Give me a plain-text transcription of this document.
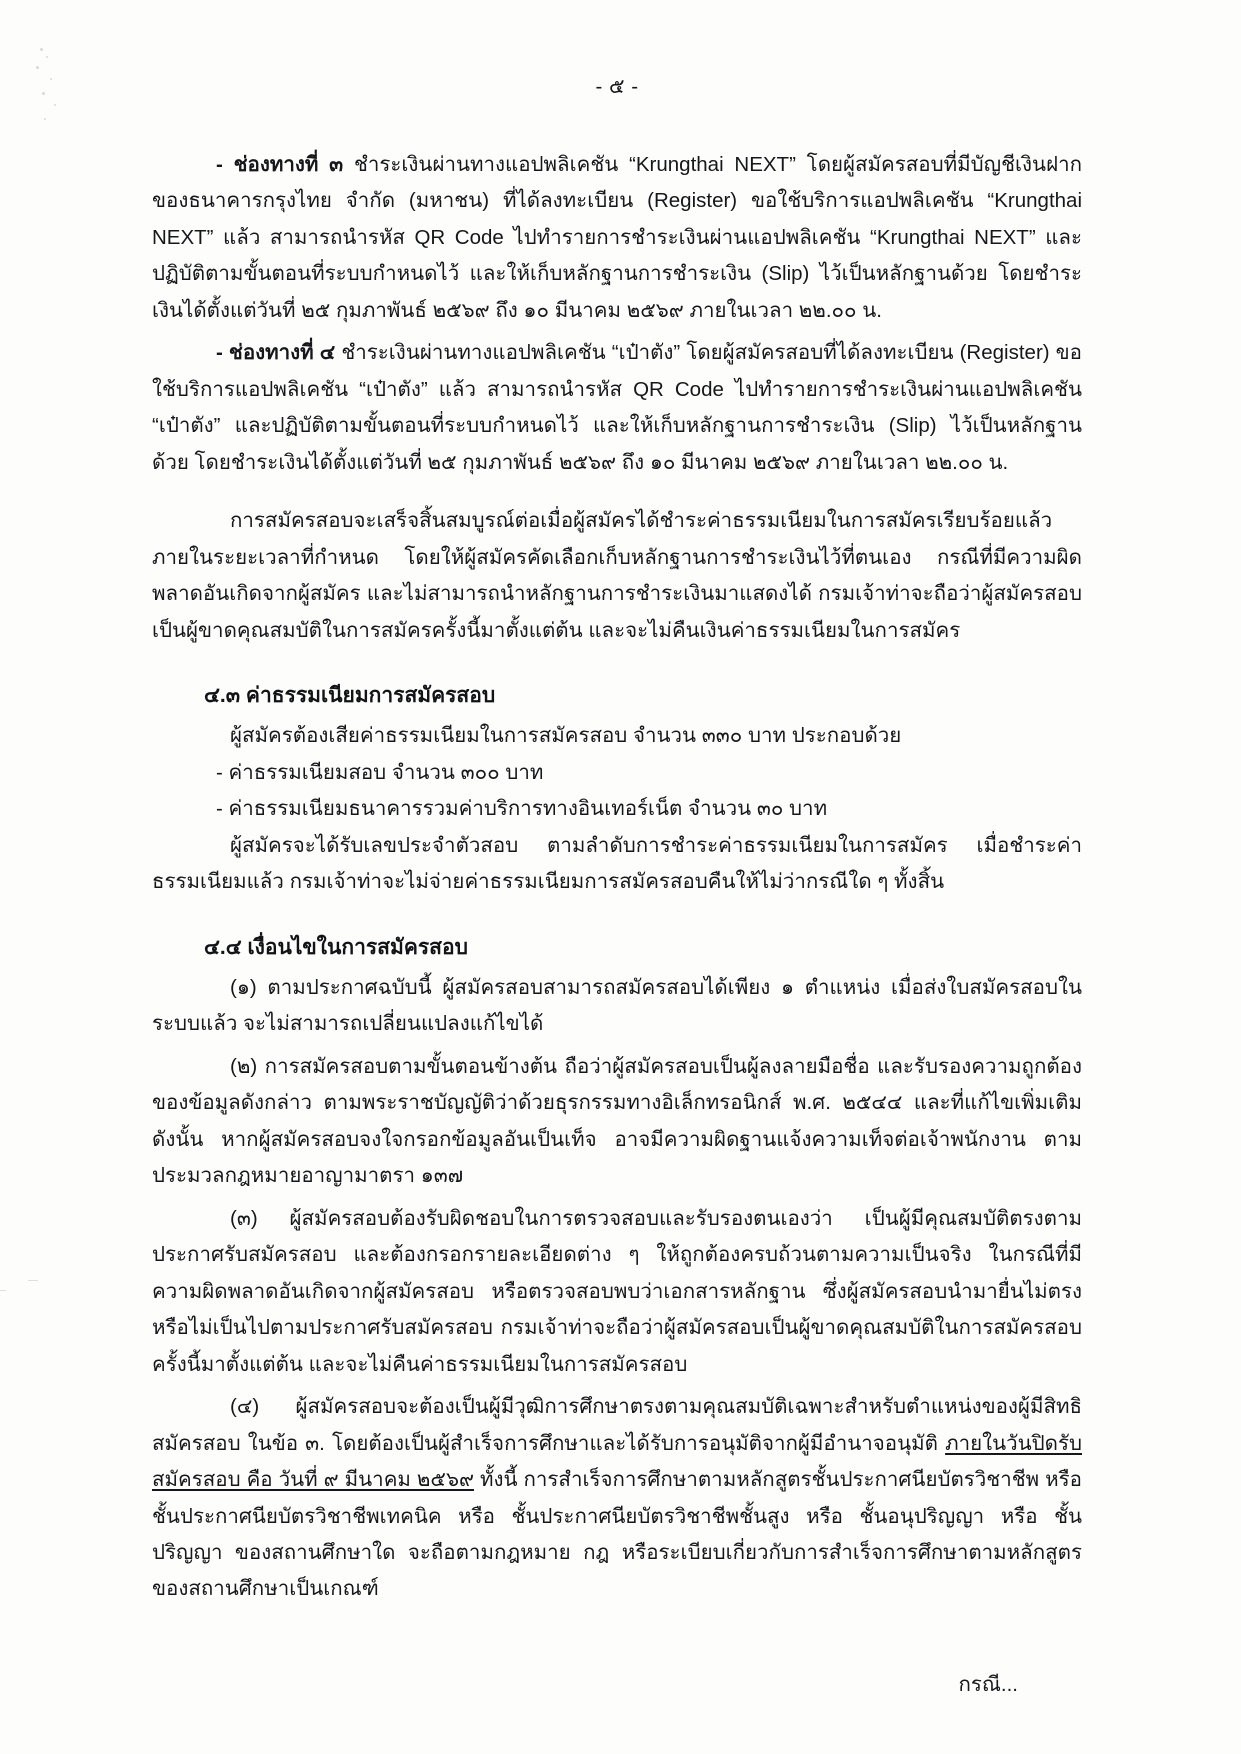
- ๕ -

- ช่องทางที่ ๓ ชำระเงินผ่านทางแอปพลิเคชัน “Krungthai NEXT” โดยผู้สมัครสอบที่มีบัญชีเงินฝากของธนาคารกรุงไทย จำกัด (มหาชน) ที่ได้ลงทะเบียน (Register) ขอใช้บริการแอปพลิเคชัน “Krungthai NEXT” แล้ว สามารถนำรหัส QR Code ไปทำรายการชำระเงินผ่านแอปพลิเคชัน “Krungthai NEXT” และปฏิบัติตามขั้นตอนที่ระบบกำหนดไว้ และให้เก็บหลักฐานการชำระเงิน (Slip) ไว้เป็นหลักฐานด้วย โดยชำระเงินได้ตั้งแต่วันที่ ๒๕ กุมภาพันธ์ ๒๕๖๙ ถึง ๑๐ มีนาคม ๒๕๖๙ ภายในเวลา ๒๒.๐๐ น.

- ช่องทางที่ ๔ ชำระเงินผ่านทางแอปพลิเคชัน “เป๋าตัง” โดยผู้สมัครสอบที่ได้ลงทะเบียน (Register) ขอใช้บริการแอปพลิเคชัน “เป๋าตัง” แล้ว สามารถนำรหัส QR Code ไปทำรายการชำระเงินผ่านแอปพลิเคชัน “เป๋าตัง” และปฏิบัติตามขั้นตอนที่ระบบกำหนดไว้ และให้เก็บหลักฐานการชำระเงิน (Slip) ไว้เป็นหลักฐานด้วย โดยชำระเงินได้ตั้งแต่วันที่ ๒๕ กุมภาพันธ์ ๒๕๖๙ ถึง ๑๐ มีนาคม ๒๕๖๙ ภายในเวลา ๒๒.๐๐ น.

การสมัครสอบจะเสร็จสิ้นสมบูรณ์ต่อเมื่อผู้สมัครได้ชำระค่าธรรมเนียมในการสมัครเรียบร้อยแล้ว ภายในระยะเวลาที่กำหนด โดยให้ผู้สมัครคัดเลือกเก็บหลักฐานการชำระเงินไว้ที่ตนเอง กรณีที่มีความผิดพลาดอันเกิดจากผู้สมัคร และไม่สามารถนำหลักฐานการชำระเงินมาแสดงได้ กรมเจ้าท่าจะถือว่าผู้สมัครสอบเป็นผู้ขาดคุณสมบัติในการสมัครครั้งนี้มาตั้งแต่ต้น และจะไม่คืนเงินค่าธรรมเนียมในการสมัคร

๔.๓ ค่าธรรมเนียมการสมัครสอบ

ผู้สมัครต้องเสียค่าธรรมเนียมในการสมัครสอบ จำนวน ๓๓๐ บาท ประกอบด้วย

- ค่าธรรมเนียมสอบ จำนวน ๓๐๐ บาท

- ค่าธรรมเนียมธนาคารรวมค่าบริการทางอินเทอร์เน็ต จำนวน ๓๐ บาท

ผู้สมัครจะได้รับเลขประจำตัวสอบ ตามลำดับการชำระค่าธรรมเนียมในการสมัคร เมื่อชำระค่าธรรมเนียมแล้ว กรมเจ้าท่าจะไม่จ่ายค่าธรรมเนียมการสมัครสอบคืนให้ไม่ว่ากรณีใด ๆ ทั้งสิ้น

๔.๔ เงื่อนไขในการสมัครสอบ

(๑) ตามประกาศฉบับนี้ ผู้สมัครสอบสามารถสมัครสอบได้เพียง ๑ ตำแหน่ง เมื่อส่งใบสมัครสอบในระบบแล้ว จะไม่สามารถเปลี่ยนแปลงแก้ไขได้

(๒) การสมัครสอบตามขั้นตอนข้างต้น ถือว่าผู้สมัครสอบเป็นผู้ลงลายมือชื่อ และรับรองความถูกต้องของข้อมูลดังกล่าว ตามพระราชบัญญัติว่าด้วยธุรกรรมทางอิเล็กทรอนิกส์ พ.ศ. ๒๕๔๔ และที่แก้ไขเพิ่มเติม ดังนั้น หากผู้สมัครสอบจงใจกรอกข้อมูลอันเป็นเท็จ อาจมีความผิดฐานแจ้งความเท็จต่อเจ้าพนักงาน ตามประมวลกฎหมายอาญามาตรา ๑๓๗

(๓) ผู้สมัครสอบต้องรับผิดชอบในการตรวจสอบและรับรองตนเองว่า เป็นผู้มีคุณสมบัติตรงตามประกาศรับสมัครสอบ และต้องกรอกรายละเอียดต่าง ๆ ให้ถูกต้องครบถ้วนตามความเป็นจริง ในกรณีที่มีความผิดพลาดอันเกิดจากผู้สมัครสอบ หรือตรวจสอบพบว่าเอกสารหลักฐาน ซึ่งผู้สมัครสอบนำมายื่นไม่ตรงหรือไม่เป็นไปตามประกาศรับสมัครสอบ กรมเจ้าท่าจะถือว่าผู้สมัครสอบเป็นผู้ขาดคุณสมบัติในการสมัครสอบครั้งนี้มาตั้งแต่ต้น และจะไม่คืนค่าธรรมเนียมในการสมัครสอบ

(๔) ผู้สมัครสอบจะต้องเป็นผู้มีวุฒิการศึกษาตรงตามคุณสมบัติเฉพาะสำหรับตำแหน่งของผู้มีสิทธิสมัครสอบ ในข้อ ๓. โดยต้องเป็นผู้สำเร็จการศึกษาและได้รับการอนุมัติจากผู้มีอำนาจอนุมัติ ภายในวันปิดรับสมัครสอบ คือ วันที่ ๙ มีนาคม ๒๕๖๙ ทั้งนี้ การสำเร็จการศึกษาตามหลักสูตรชั้นประกาศนียบัตรวิชาชีพ หรือ ชั้นประกาศนียบัตรวิชาชีพเทคนิค หรือ ชั้นประกาศนียบัตรวิชาชีพชั้นสูง หรือ ชั้นอนุปริญญา หรือ ชั้นปริญญา ของสถานศึกษาใด จะถือตามกฎหมาย กฎ หรือระเบียบเกี่ยวกับการสำเร็จการศึกษาตามหลักสูตรของสถานศึกษาเป็นเกณฑ์

กรณี...
